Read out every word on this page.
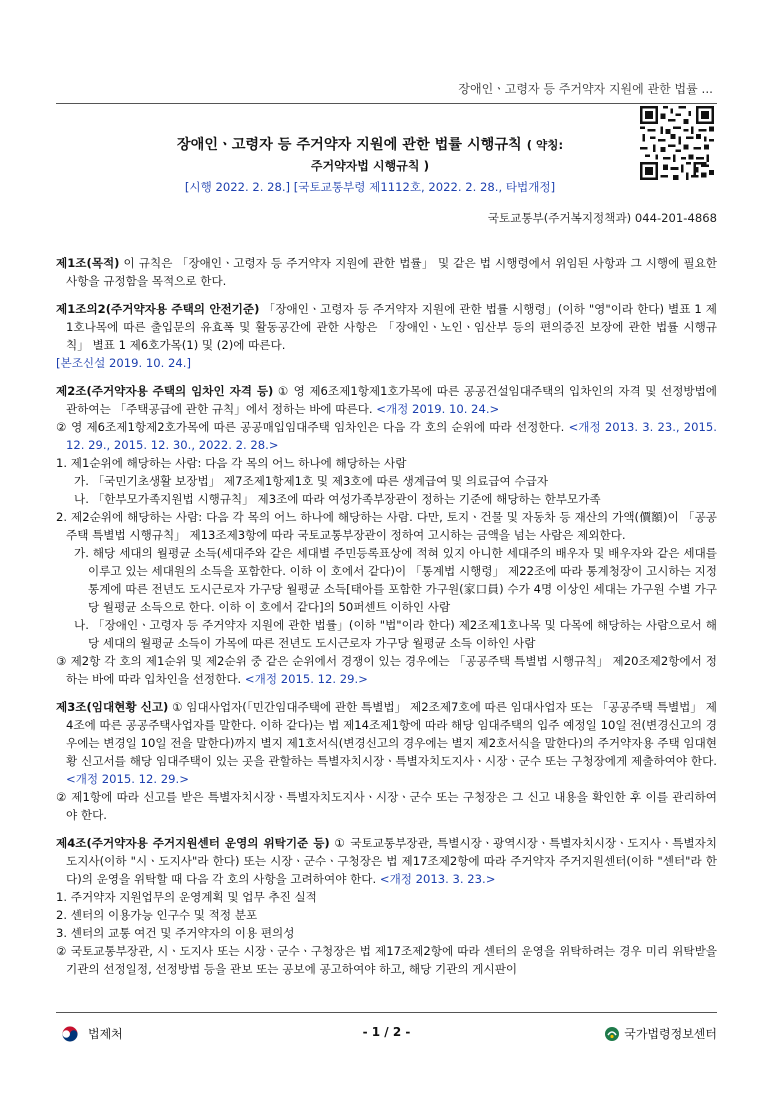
장애인ㆍ고령자 등 주거약자 지원에 관한 법률 ...
장애인ㆍ고령자 등 주거약자 지원에 관한 법률 시행규칙 ( 약칭:
주거약자법 시행규칙 )
[시행 2022. 2. 28.] [국토교통부령 제1112호, 2022. 2. 28., 타법개정]
국토교통부(주거복지정책과) 044-201-4868
제1조(목적) 이 규칙은 「장애인ㆍ고령자 등 주거약자 지원에 관한 법률」 및 같은 법 시행령에서 위임된 사항과 그 시행에 필요한 사항을 규정함을 목적으로 한다.
제1조의2(주거약자용 주택의 안전기준) 「장애인ㆍ고령자 등 주거약자 지원에 관한 법률 시행령」(이하 "영"이라 한다) 별표 1 제1호나목에 따른 출입문의 유효폭 및 활동공간에 관한 사항은 「장애인ㆍ노인ㆍ임산부 등의 편의증진 보장에 관한 법률 시행규칙」 별표 1 제6호가목(1) 및 (2)에 따른다.
[본조신설 2019. 10. 24.]
제2조(주거약자용 주택의 임차인 자격 등) ① 영 제6조제1항제1호가목에 따른 공공건설임대주택의 입차인의 자격 및 선정방법에 관하여는 「주택공급에 관한 규칙」에서 정하는 바에 따른다. <개정 2019. 10. 24.>
② 영 제6조제1항제2호가목에 따른 공공매입임대주택 임차인은 다음 각 호의 순위에 따라 선정한다. <개정 2013. 3. 23., 2015. 12. 29., 2015. 12. 30., 2022. 2. 28.>
1. 제1순위에 해당하는 사람: 다음 각 목의 어느 하나에 해당하는 사람
가. 「국민기초생활 보장법」 제7조제1항제1호 및 제3호에 따른 생계급여 및 의료급여 수급자
나. 「한부모가족지원법 시행규칙」 제3조에 따라 여성가족부장관이 정하는 기준에 해당하는 한부모가족
2. 제2순위에 해당하는 사람: 다음 각 목의 어느 하나에 해당하는 사람. 다만, 토지ㆍ건물 및 자동차 등 재산의 가액(價額)이 「공공주택 특별법 시행규칙」 제13조제3항에 따라 국토교통부장관이 정하여 고시하는 금액을 넘는 사람은 제외한다.
가. 해당 세대의 월평균 소득(세대주와 같은 세대별 주민등록표상에 적혀 있지 아니한 세대주의 배우자 및 배우자와 같은 세대를 이루고 있는 세대원의 소득을 포함한다. 이하 이 호에서 같다)이 「통계법 시행령」 제22조에 따라 통계청장이 고시하는 지정통계에 따른 전년도 도시근로자 가구당 월평균 소득[태아를 포함한 가구원(家口員) 수가 4명 이상인 세대는 가구원 수별 가구당 월평균 소득으로 한다. 이하 이 호에서 같다]의 50퍼센트 이하인 사람
나. 「장애인ㆍ고령자 등 주거약자 지원에 관한 법률」(이하 "법"이라 한다) 제2조제1호나목 및 다목에 해당하는 사람으로서 해당 세대의 월평균 소득이 가목에 따른 전년도 도시근로자 가구당 월평균 소득 이하인 사람
③ 제2항 각 호의 제1순위 및 제2순위 중 같은 순위에서 경쟁이 있는 경우에는 「공공주택 특별법 시행규칙」 제20조제2항에서 정하는 바에 따라 입차인을 선정한다. <개정 2015. 12. 29.>
제3조(임대현황 신고) ① 임대사업자(「민간임대주택에 관한 특별법」 제2조제7호에 따른 임대사업자 또는 「공공주택 특별법」 제4조에 따른 공공주택사업자를 말한다. 이하 같다)는 법 제14조제1항에 따라 해당 임대주택의 입주 예정일 10일 전(변경신고의 경우에는 변경일 10일 전을 말한다)까지 별지 제1호서식(변경신고의 경우에는 별지 제2호서식을 말한다)의 주거약자용 주택 임대현황 신고서를 해당 임대주택이 있는 곳을 관할하는 특별자치시장ㆍ특별자치도지사ㆍ시장ㆍ군수 또는 구청장에게 제출하여야 한다. <개정 2015. 12. 29.>
② 제1항에 따라 신고를 받은 특별자치시장ㆍ특별자치도지사ㆍ시장ㆍ군수 또는 구청장은 그 신고 내용을 확인한 후 이를 관리하여야 한다.
제4조(주거약자용 주거지원센터 운영의 위탁기준 등) ① 국토교통부장관, 특별시장ㆍ광역시장ㆍ특별자치시장ㆍ도지사ㆍ특별자치도지사(이하 "시ㆍ도지사"라 한다) 또는 시장ㆍ군수ㆍ구청장은 법 제17조제2항에 따라 주거약자 주거지원센터(이하 "센터"라 한다)의 운영을 위탁할 때 다음 각 호의 사항을 고려하여야 한다. <개정 2013. 3. 23.>
1. 주거약자 지원업무의 운영계획 및 업무 추진 실적
2. 센터의 이용가능 인구수 및 적정 분포
3. 센터의 교통 여건 및 주거약자의 이용 편의성
② 국토교통부장관, 시ㆍ도지사 또는 시장ㆍ군수ㆍ구청장은 법 제17조제2항에 따라 센터의 운영을 위탁하려는 경우 미리 위탁받을 기관의 선정일정, 선정방법 등을 관보 또는 공보에 공고하여야 하고, 해당 기관의 게시판이
법제처	- 1 / 2 -	국가법령정보센터
